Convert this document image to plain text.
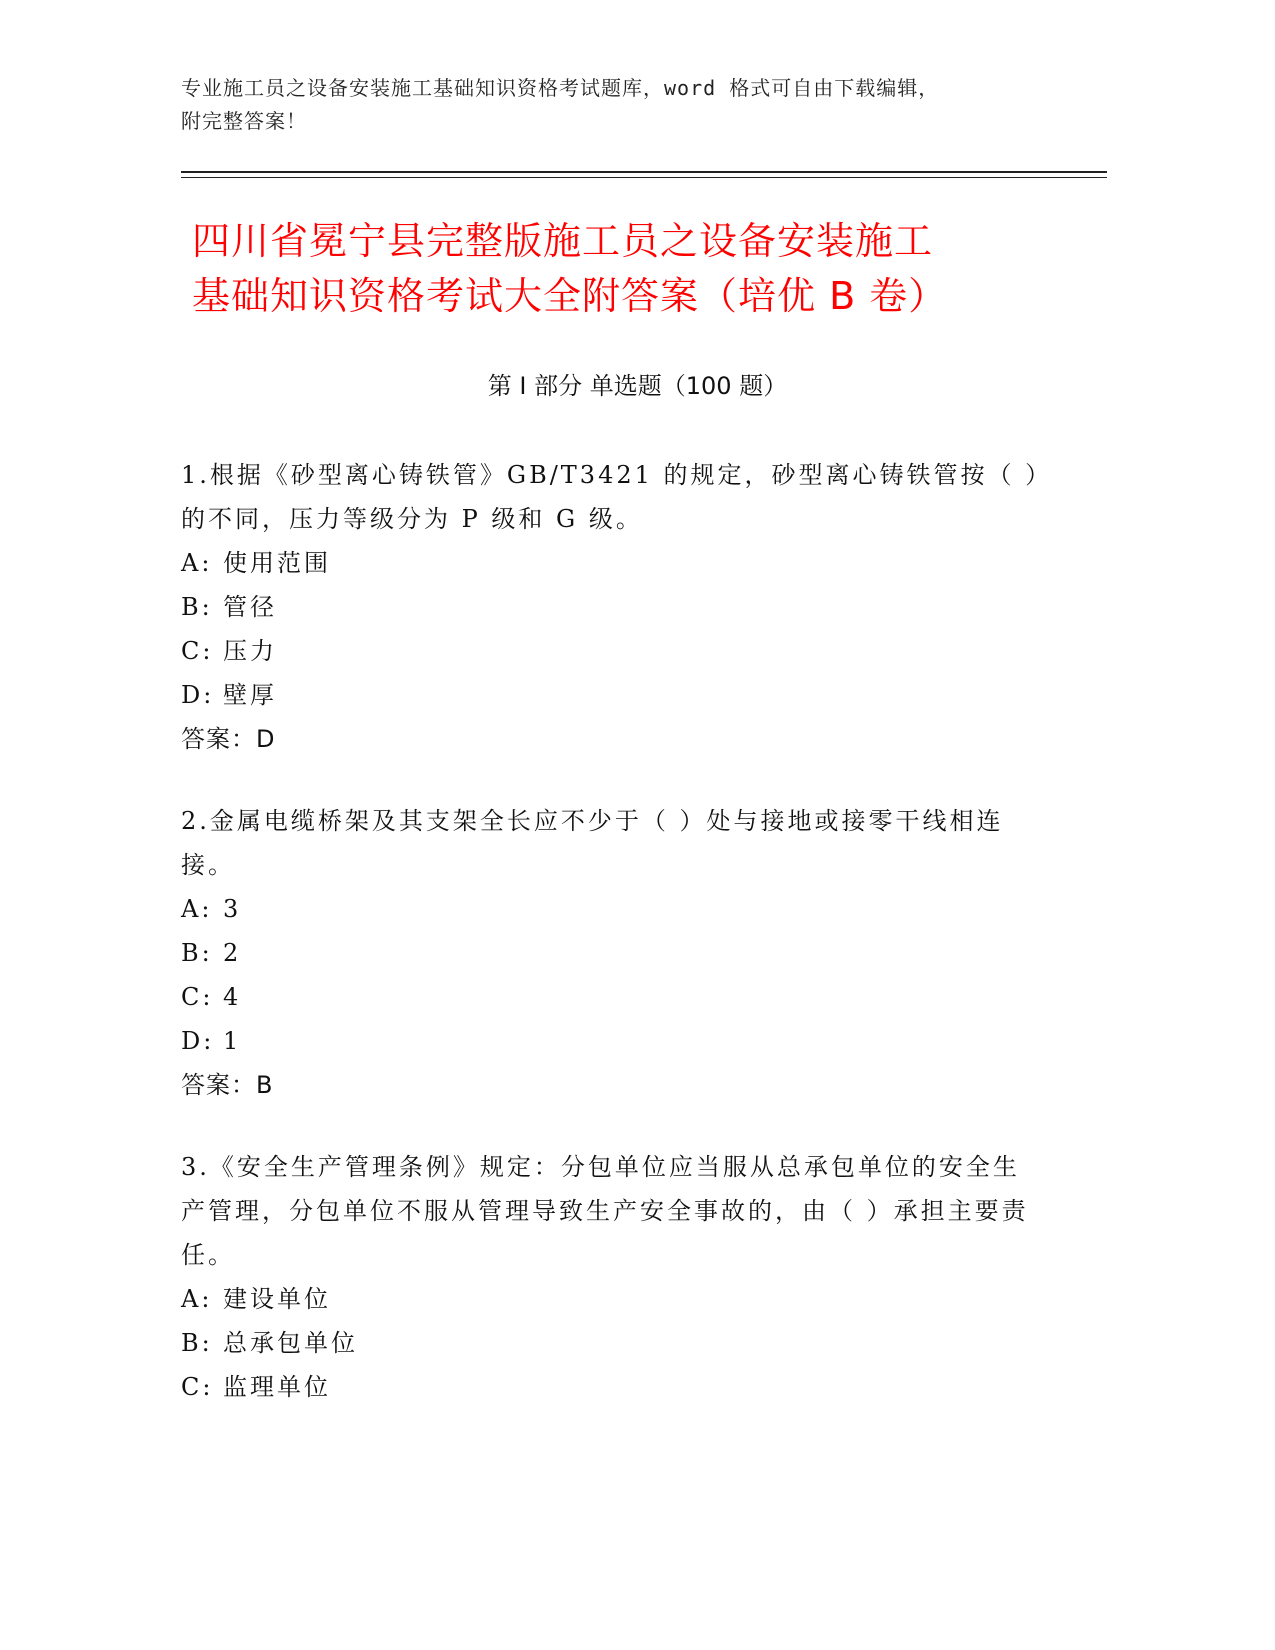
专业施工员之设备安装施工基础知识资格考试题库，word 格式可自由下载编辑，
附完整答案！
四川省冕宁县完整版施工员之设备安装施工
基础知识资格考试大全附答案（培优 B 卷）
第 I 部分 单选题（100 题）

1.根据《砂型离心铸铁管》GB/T3421 的规定，砂型离心铸铁管按（ ）的不同，压力等级分为 P 级和 G 级。

A: 使用范围
B: 管径
C: 压力
D: 壁厚
答案：D

2.金属电缆桥架及其支架全长应不少于（ ）处与接地或接零干线相连接。

A: 3
B: 2
C: 4
D: 1
答案：B

3.《安全生产管理条例》规定：分包单位应当服从总承包单位的安全生产管理，分包单位不服从管理导致生产安全事故的，由（ ）承担主要责任。

A: 建设单位
B: 总承包单位
C: 监理单位
